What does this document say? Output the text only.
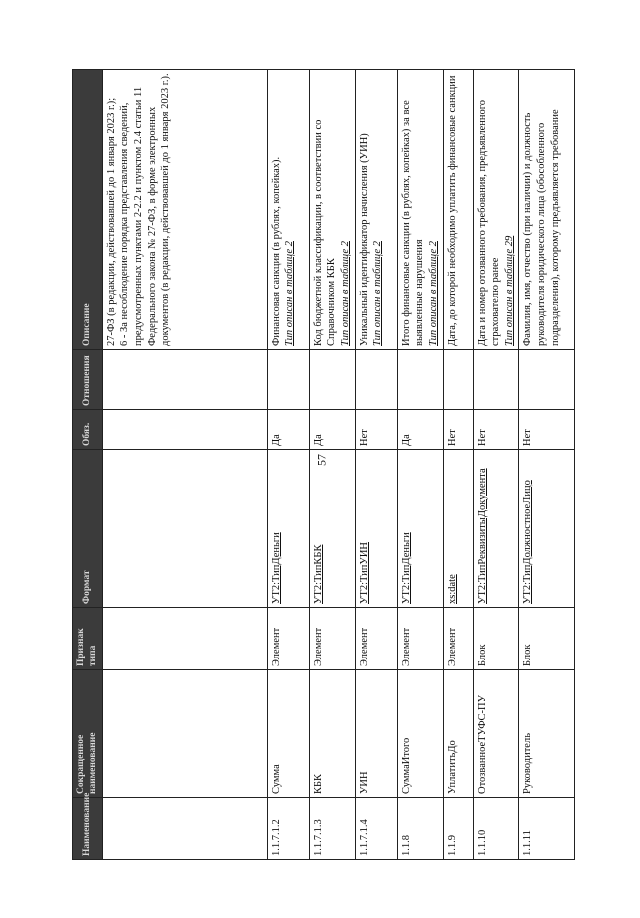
57
Наименование	Сокращенное наименование	Признак типа	Формат	Обяз.	Отношения	Описание

						27-ФЗ (в редакции, действовавшей до 1 января 2023 г.); 6 - За несоблюдение порядка представления сведений, предусмотренных пунктами 2-2.2 и пунктом 2.4 статьи 11 Федерального закона № 27-ФЗ, в форме электронных документов (в редакции, действовавшей до 1 января 2023 г.).

1.1.7.1.2	Сумма	Элемент	УТ2:ТипДеньги	Да		Финансовая санкция (в рублях, копейках). Тип описан в таблице 2

1.1.7.1.3	КБК	Элемент	УТ2:ТипКБК	Да		Код бюджетной классификации, в соответствии со Справочником КБК Тип описан в таблице 2

1.1.7.1.4	УИН	Элемент	УТ2:ТипУИН	Нет		Уникальный идентификатор начисления (УИН) Тип описан в таблице 2

1.1.8	СуммаИтого	Элемент	УТ2:ТипДеньги	Да		Итого финансовые санкции (в рублях, копейках) за все выявленные нарушения Тип описан в таблице 2

1.1.9	УплатитьДо	Элемент	xs:date	Нет		Дата, до которой необходимо уплатить финансовые санкции

1.1.10	ОтозванноеТУФС-ПУ	Блок	УТ2:ТипРеквизитыДокумента	Нет		Дата и номер отозванного требования, предъявленного страхователю ранее Тип описан в таблице 29

1.1.11	Руководитель	Блок	УТ2:ТипДолжностноеЛицо	Нет		Фамилия, имя, отчество (при наличии) и должность руководителя юридического лица (обособленного подразделения), которому предъявляется требование
